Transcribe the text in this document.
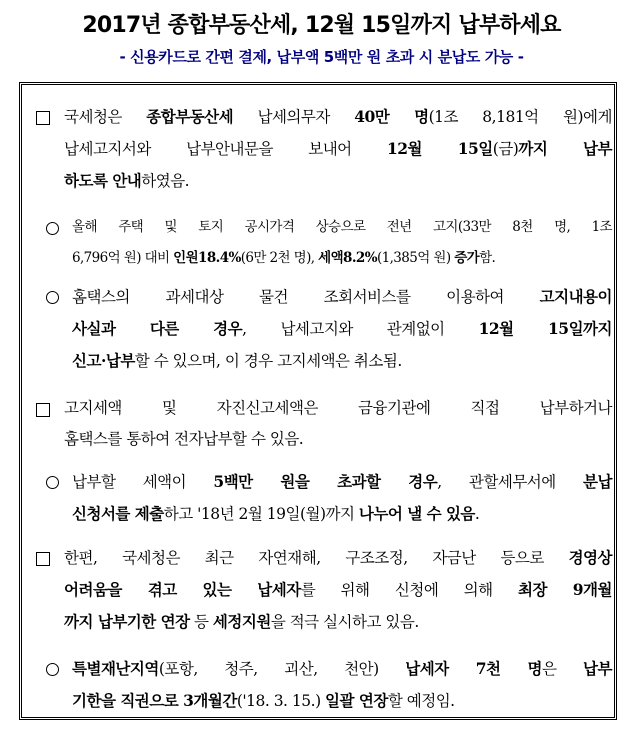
2017년 종합부동산세, 12월 15일까지 납부하세요
- 신용카드로 간편 결제, 납부액 5백만 원 초과 시 분납도 가능 -
국세청은 종합부동산세 납세의무자 40만 명(1조 8,181억 원)에게
납세고지서와 납부안내문을 보내어 12월 15일(금)까지 납부
하도록 안내하였음.
올해 주택 및 토지 공시가격 상승으로 전년 고지(33만 8천 명, 1조
6,796억 원) 대비 인원18.4%(6만 2천 명), 세액8.2%(1,385억 원) 증가함.
홈택스의 과세대상 물건 조회서비스를 이용하여 고지내용이
사실과 다른 경우, 납세고지와 관계없이 12월 15일까지
신고·납부할 수 있으며, 이 경우 고지세액은 취소됨.
고지세액 및 자진신고세액은 금융기관에 직접 납부하거나
홈택스를 통하여 전자납부할 수 있음.
납부할 세액이 5백만 원을 초과할 경우, 관할세무서에 분납
신청서를 제출하고 '18년 2월 19일(월)까지 나누어 낼 수 있음.
한편, 국세청은 최근 자연재해, 구조조정, 자금난 등으로 경영상
어려움을 겪고 있는 납세자를 위해 신청에 의해 최장 9개월
까지 납부기한 연장 등 세정지원을 적극 실시하고 있음.
특별재난지역(포항, 청주, 괴산, 천안) 납세자 7천 명은 납부
기한을 직권으로 3개월간('18. 3. 15.) 일괄 연장할 예정임.
